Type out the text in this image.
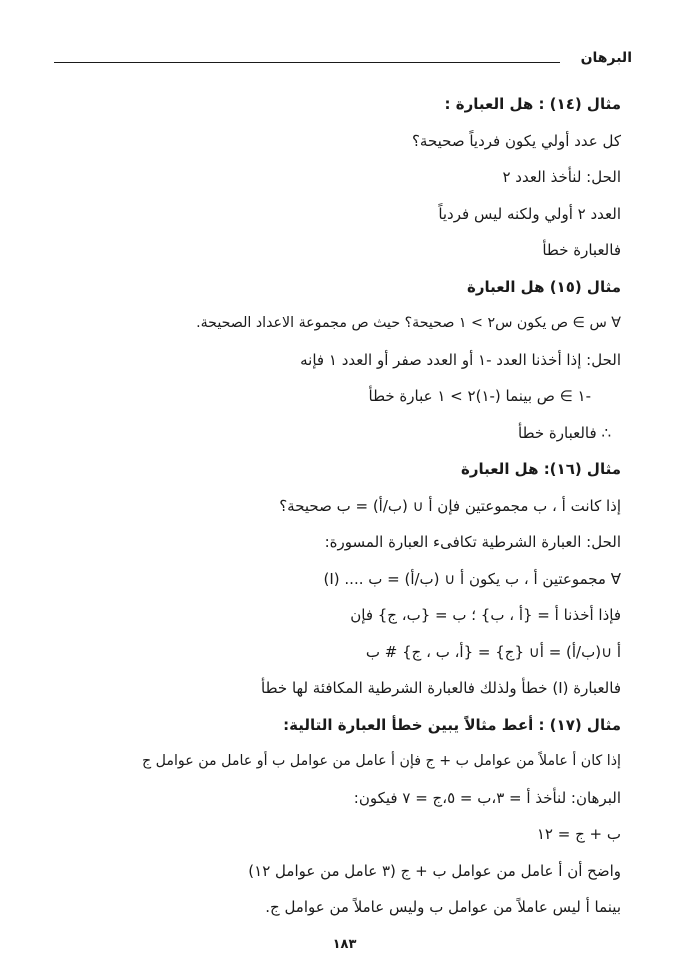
البرهان
مثال (١٤) : هل العبارة :
كل عدد أولي يكون فردياً صحيحة؟
الحل: لنأخذ العدد ٢
العدد ٢ أولي ولكنه ليس فردياً
فالعبارة خطأ
مثال (١٥) هل العبارة
∀ س ∋ ص يكون س٢ > ١ صحيحة؟ حيث ص مجموعة الاعداد الصحيحة.
الحل: إذا أخذنا العدد -١ أو العدد صفر أو العدد ١ فإنه
-١ ∋ ص بينما (-١)٢ > ١ عبارة خطأ
∴ فالعبارة خطأ
مثال (١٦): هل العبارة
إذا كانت أ ، ب مجموعتين فإن أ ∪ (ب/أ) = ب صحيحة؟
الحل: العبارة الشرطية تكافىء العبارة المسورة:
∀ مجموعتين أ ، ب يكون أ ∪ (ب/أ) = ب .... (I)
فإذا أخذنا أ = {أ ، ب} ؛ ب = {ب، ج} فإن
أ ∪(ب/أ) = أ∪ {ج} = {أ، ب ، ج} # ب
فالعبارة (I) خطأ ولذلك فالعبارة الشرطية المكافئة لها خطأ
مثال (١٧) : أعط مثالاً يبين خطأ العبارة التالية:
إذا كان أ عاملاً من عوامل ب + ج فإن أ عامل من عوامل ب أو عامل من عوامل ج
البرهان: لنأخذ أ = ٣،ب = ٥،ج = ٧ فيكون:
ب + ج = ١٢
واضح أن أ عامل من عوامل ب + ج (٣ عامل من عوامل ١٢)
بينما أ ليس عاملاً من عوامل ب وليس عاملاً من عوامل ج.
١٨٣
